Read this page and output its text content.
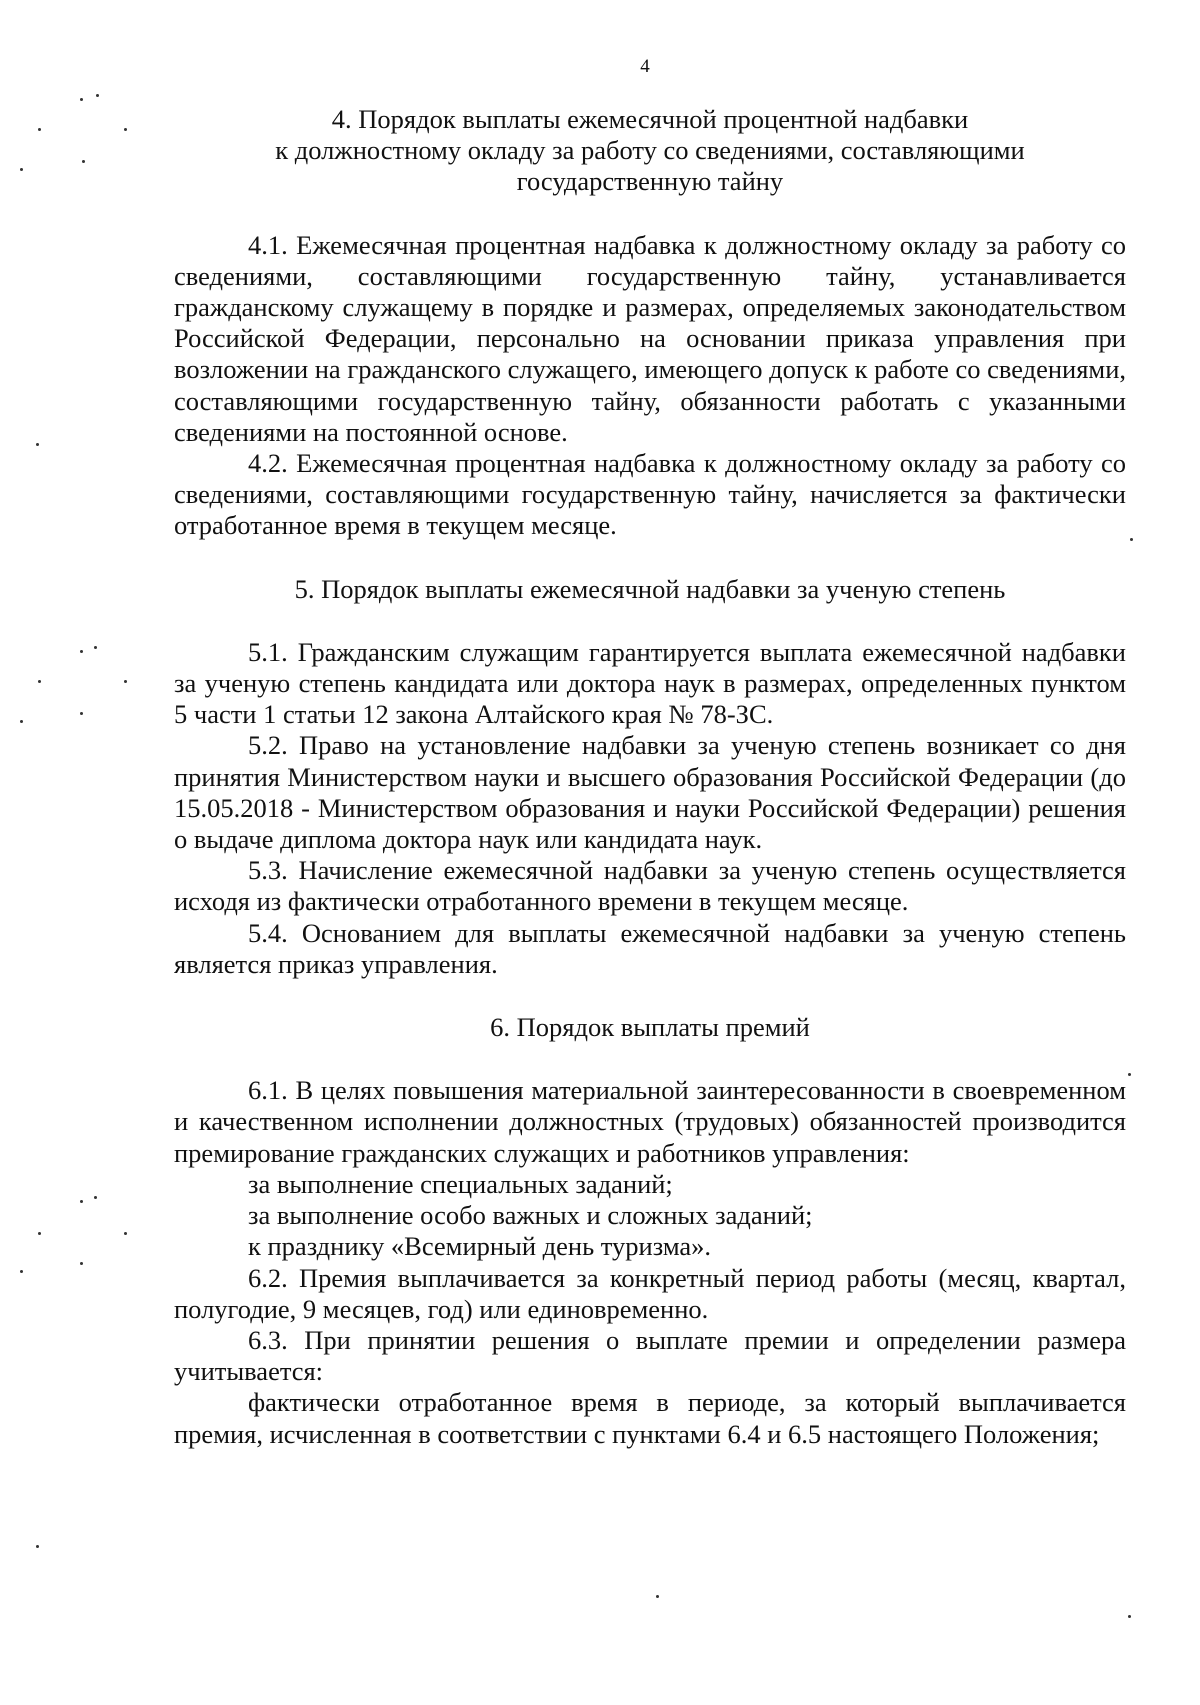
4

4. Порядок выплаты ежемесячной процентной надбавки

к должностному окладу за работу со сведениями, составляющими

государственную тайну

4.1. Ежемесячная процентная надбавка к должностному окладу за работу со сведениями, составляющими государственную тайну, устанавливается гражданскому служащему в порядке и размерах, определяемых законодательством Российской Федерации, персонально на основании приказа управления при возложении на гражданского служащего, имеющего допуск к работе со сведениями, составляющими государственную тайну, обязанности работать с указанными сведениями на постоянной основе.

4.2. Ежемесячная процентная надбавка к должностному окладу за работу со сведениями, составляющими государственную тайну, начисляется за фактически отработанное время в текущем месяце.

5. Порядок выплаты ежемесячной надбавки за ученую степень

5.1. Гражданским служащим гарантируется выплата ежемесячной надбавки за ученую степень кандидата или доктора наук в размерах, определенных пунктом 5 части 1 статьи 12 закона Алтайского края № 78-ЗС.

5.2. Право на установление надбавки за ученую степень возникает со дня принятия Министерством науки и высшего образования Российской Федерации (до 15.05.2018 - Министерством образования и науки Российской Федерации) решения о выдаче диплома доктора наук или кандидата наук.

5.3. Начисление ежемесячной надбавки за ученую степень осуществляется исходя из фактически отработанного времени в текущем месяце.

5.4. Основанием для выплаты ежемесячной надбавки за ученую степень является приказ управления.

6. Порядок выплаты премий

6.1. В целях повышения материальной заинтересованности в своевременном и качественном исполнении должностных (трудовых) обязанностей производится премирование гражданских служащих и работников управления:

за выполнение специальных заданий;

за выполнение особо важных и сложных заданий;

к празднику «Всемирный день туризма».

6.2. Премия выплачивается за конкретный период работы (месяц, квартал, полугодие, 9 месяцев, год) или единовременно.

6.3. При принятии решения о выплате премии и определении размера учитывается:

фактически отработанное время в периоде, за который выплачивается премия, исчисленная в соответствии с пунктами 6.4 и 6.5 настоящего Положения;
